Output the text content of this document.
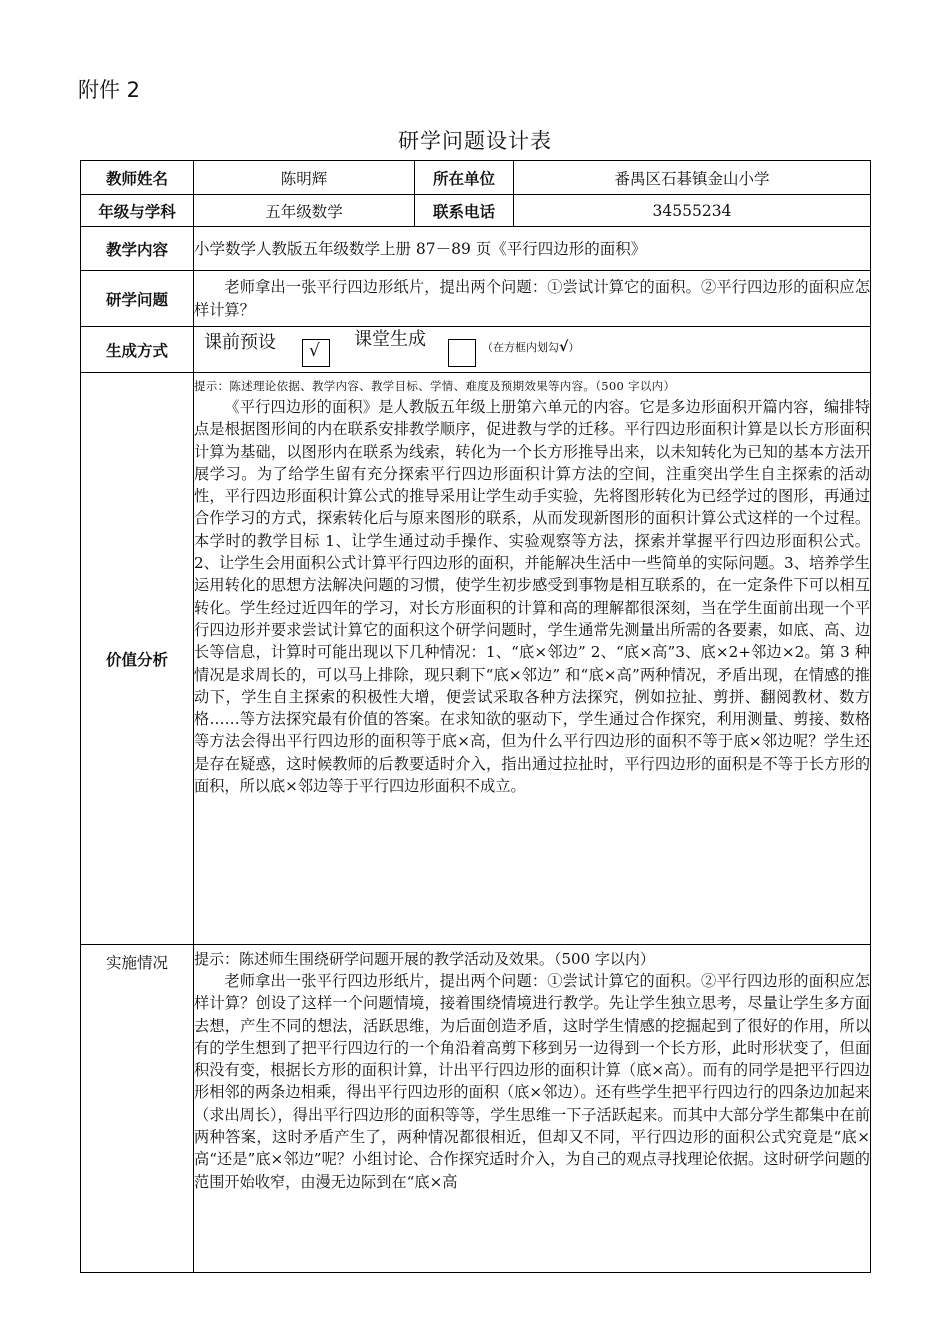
附件 2
研学问题设计表
教师姓名	陈明辉	所在单位	番禺区石碁镇金山小学
年级与学科	五年级数学	联系电话	34555234
教学内容	小学数学人教版五年级数学上册 87－89 页《平行四边形的面积》		
研学问题	老师拿出一张平行四边形纸片，提出两个问题：①尝试计算它的面积。②平行四边形的面积应怎样计算？		

生成方式	课前预设 √
课堂生成 （在方框内划勾√）		

价值分析	提示：陈述理论依据、教学内容、教学目标、学情、难度及预期效果等内容。（500 字以内）

《平行四边形的面积》是人教版五年级上册第六单元的内容。它是多边形面积开篇内容，编排特点是根据图形间的内在联系安排教学顺序，促进教与学的迁移。平行四边形面积计算是以长方形面积计算为基础，以图形内在联系为线索，转化为一个长方形推导出来，以未知转化为已知的基本方法开展学习。为了给学生留有充分探索平行四边形面积计算方法的空间，注重突出学生自主探索的活动性，平行四边形面积计算公式的推导采用让学生动手实验，先将图形转化为已经学过的图形，再通过合作学习的方式，探索转化后与原来图形的联系，从而发现新图形的面积计算公式这样的一个过程。本学时的教学目标 1、让学生通过动手操作、实验观察等方法，探索并掌握平行四边形面积公式。2、让学生会用面积公式计算平行四边形的面积，并能解决生活中一些简单的实际问题。3、培养学生运用转化的思想方法解决问题的习惯，使学生初步感受到事物是相互联系的，在一定条件下可以相互转化。学生经过近四年的学习，对长方形面积的计算和高的理解都很深刻，当在学生面前出现一个平行四边形并要求尝试计算它的面积这个研学问题时，学生通常先测量出所需的各要素，如底、高、边长等信息，计算时可能出现以下几种情况：1、“底×邻边” 2、“底×高”3、底×2+邻边×2。第 3 种情况是求周长的，可以马上排除，现只剩下“底×邻边” 和“底×高”两种情况，矛盾出现，在情感的推动下，学生自主探索的积极性大增，便尝试采取各种方法探究，例如拉扯、剪拼、翻阅教材、数方格……等方法探究最有价值的答案。在求知欲的驱动下，学生通过合作探究，利用测量、剪接、数格等方法会得出平行四边形的面积等于底×高，但为什么平行四边形的面积不等于底×邻边呢？学生还是存在疑惑，这时候教师的后教要适时介入，指出通过拉扯时，平行四边形的面积是不等于长方形的面积，所以底×邻边等于平行四边形面积不成立。		

实施情况	提示：陈述师生围绕研学问题开展的教学活动及效果。（500 字以内）

老师拿出一张平行四边形纸片，提出两个问题：①尝试计算它的面积。②平行四边形的面积应怎样计算？创设了这样一个问题情境，接着围绕情境进行教学。先让学生独立思考，尽量让学生多方面去想，产生不同的想法，活跃思维，为后面创造矛盾，这时学生情感的挖掘起到了很好的作用，所以有的学生想到了把平行四边行的一个角沿着高剪下移到另一边得到一个长方形，此时形状变了，但面积没有变，根据长方形的面积计算，计出平行四边形的面积计算（底×高）。而有的同学是把平行四边形相邻的两条边相乘，得出平行四边形的面积（底×邻边）。还有些学生把平行四边行的四条边加起来（求出周长），得出平行四边形的面积等等，学生思维一下子活跃起来。而其中大部分学生都集中在前两种答案，这时矛盾产生了，两种情况都很相近，但却又不同，平行四边形的面积公式究竟是“底×高“还是”底×邻边”呢？小组讨论、合作探究适时介入，为自己的观点寻找理论依据。这时研学问题的范围开始收窄，由漫无边际到在“底×高		
